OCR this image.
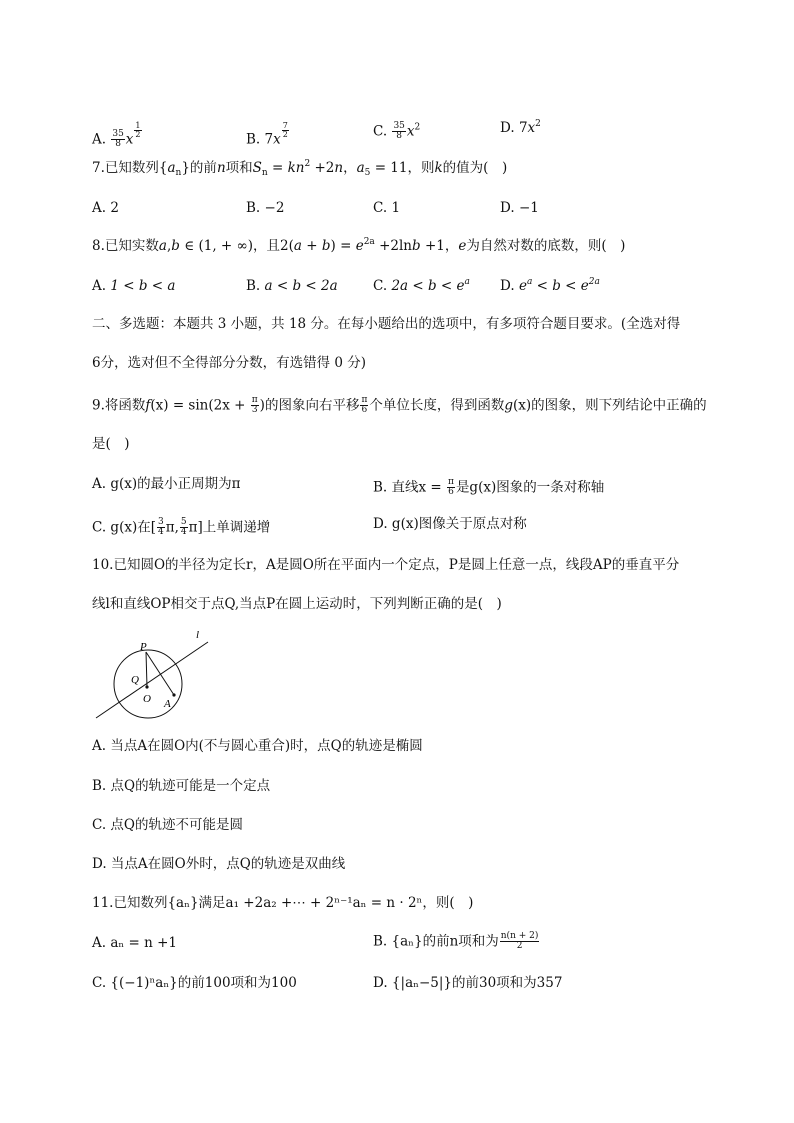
A. $\frac{35}{8}$ x $\frac{1}{2}$	B. $7x \frac{7}{2}$	C. $\frac{35}{8} x^2$	D. $7x^2$
7.已知数列$\{a_n\}$的前n项和$S_n = kn^2 +2n$，$a_5 = 11$，则k的值为(　)
A. 2	B. −2	C. 1	D. −1
8.已知实数a,b ∈ (1, + ∞)，且$2(a + b) = e^{2a} +2\ln b +1$，e为自然对数的底数，则(　)
A. 1 < b < a	B. a < b < 2a	C. $2a < b < e^a$ D. $e^a < b < e^{2a}$
二、多选题：本题共 3 小题，共 18 分。在每小题给出的选项中，有多项符合题目要求。(全选对得
6分，选对但不全得部分分数，有选错得 0 分)
9.将函数$f(x) = \sin(2x + \frac{\pi}{3}$ )的图象向右平移 $\frac{\pi}{6}$ 个单位长度，得到函数g(x)的图象，则下列结论中正确的
是(　)
A. g(x)的最小正周期为π	B. 直线$x = \frac{\pi}{6}$ 是g(x)图象的一条对称轴
C. g(x)在[ $\frac{3}{4} \pi$, $\frac{5}{4} \pi$]上单调递增	D. g(x)图像关于原点对称
10.已知圆O的半径为定长r，A是圆O所在平面内一个定点，P是圆上任意一点，线段AP的垂直平分
线l和直线OP相交于点Q,当点P在圆上运动时，下列判断正确的是(　)
P
Q
O A
l
A. 当点A在圆O内(不与圆心重合)时，点Q的轨迹是椭圆
B. 点Q的轨迹可能是一个定点
C. 点Q的轨迹不可能是圆
D. 当点A在圆O外时，点Q的轨迹是双曲线
11.已知数列{aₙ}满足a₁ +2a₂ +⋯ + 2ⁿ⁻¹aₙ = n · 2ⁿ，则(　)
A. aₙ = n +1	B. {aₙ}的前n项和为 $\frac{n(n + 2)}{2}$
C. {(−1)ⁿaₙ}的前100项和为100	D. {|aₙ−5|}的前30项和为357
